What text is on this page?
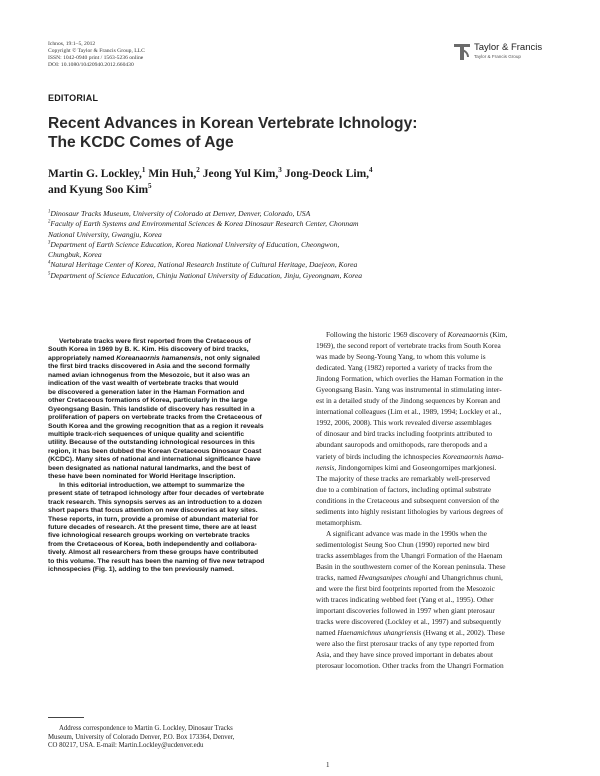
Ichnos, 19:1–5, 2012
Copyright © Taylor & Francis Group, LLC
ISSN: 1042-0940 print / 1563-5236 online
DOI: 10.1080/10420940.2012.660430
Taylor & Francis
Taylor & Francis Group
EDITORIAL
Recent Advances in Korean Vertebrate Ichnology:
The KCDC Comes of Age
Martin G. Lockley,$^1$ Min Huh,$^2$ Jeong Yul Kim,$^3$ Jong-Deock Lim,$^4$
and Kyung Soo Kim$^5$
$^1$Dinosaur Tracks Museum, University of Colorado at Denver, Denver, Colorado, USA
$^2$Faculty of Earth Systems and Environmental Sciences & Korea Dinosaur Research Center, Chonnam
National University, Gwangju, Korea
$^3$Department of Earth Science Education, Korea National University of Education, Cheongwon,
Chungbuk, Korea
$^4$Natural Heritage Center of Korea, National Research Institute of Cultural Heritage, Daejeon, Korea
$^5$Department of Science Education, Chinju National University of Education, Jinju, Gyeongnam, Korea
Vertebrate tracks were first reported from the Cretaceous of
South Korea in 1969 by B. K. Kim. His discovery of bird tracks,
appropriately named Koreanaornis hamanensis, not only signaled
the first bird tracks discovered in Asia and the second formally
named avian ichnogenus from the Mesozoic, but it also was an
indication of the vast wealth of vertebrate tracks that would
be discovered a generation later in the Haman Formation and
other Cretaceous formations of Korea, particularly in the large
Gyeongsang Basin. This landslide of discovery has resulted in a
proliferation of papers on vertebrate tracks from the Cretaceous of
South Korea and the growing recognition that as a region it reveals
multiple track-rich sequences of unique quality and scientific
utility. Because of the outstanding ichnological resources in this
region, it has been dubbed the Korean Cretaceous Dinosaur Coast
(KCDC). Many sites of national and international significance have
been designated as national natural landmarks, and the best of
these have been nominated for World Heritage Inscription.
In this editorial introduction, we attempt to summarize the
present state of tetrapod ichnology after four decades of vertebrate
track research. This synopsis serves as an introduction to a dozen
short papers that focus attention on new discoveries at key sites.
These reports, in turn, provide a promise of abundant material for
future decades of research. At the present time, there are at least
five ichnological research groups working on vertebrate tracks
from the Cretaceous of Korea, both independently and collabora-
tively. Almost all researchers from these groups have contributed
to this volume. The result has been the naming of five new tetrapod
ichnospecies (Fig. 1), adding to the ten previously named.
Address correspondence to Martin G. Lockley, Dinosaur Tracks
Museum, University of Colorado Denver, P.O. Box 173364, Denver,
CO 80217, USA. E-mail: Martin.Lockley@ucdenver.edu
Following the historic 1969 discovery of Koreanaornis (Kim,
1969), the second report of vertebrate tracks from South Korea
was made by Seong-Young Yang, to whom this volume is
dedicated. Yang (1982) reported a variety of tracks from the
Jindong Formation, which overlies the Haman Formation in the
Gyeongsang Basin. Yang was instrumental in stimulating inter-
est in a detailed study of the Jindong sequences by Korean and
international colleagues (Lim et al., 1989, 1994; Lockley et al.,
1992, 2006, 2008). This work revealed diverse assemblages
of dinosaur and bird tracks including footprints attributed to
abundant sauropods and ornithopods, rare theropods and a
variety of birds including the ichnospecies Koreanaornis hama-
nensis, Jindongornipes kimi and Goseongornipes markjonesi.
The majority of these tracks are remarkably well-preserved
due to a combination of factors, including optimal substrate
conditions in the Cretaceous and subsequent conversion of the
sediments into highly resistant lithologies by various degrees of
metamorphism.
A significant advance was made in the 1990s when the
sedimentologist Seung Soo Chun (1990) reported new bird
tracks assemblages from the Uhangri Formation of the Haenam
Basin in the southwestern corner of the Korean peninsula. These
tracks, named Hwangsanipes choughi and Uhangrichnus chuni,
and were the first bird footprints reported from the Mesozoic
with traces indicating webbed feet (Yang et al., 1995). Other
important discoveries followed in 1997 when giant pterosaur
tracks were discovered (Lockley et al., 1997) and subsequently
named Haenamichnus uhangriensis (Hwang et al., 2002). These
were also the first pterosaur tracks of any type reported from
Asia, and they have since proved important in debates about
pterosaur locomotion. Other tracks from the Uhangri Formation
1
